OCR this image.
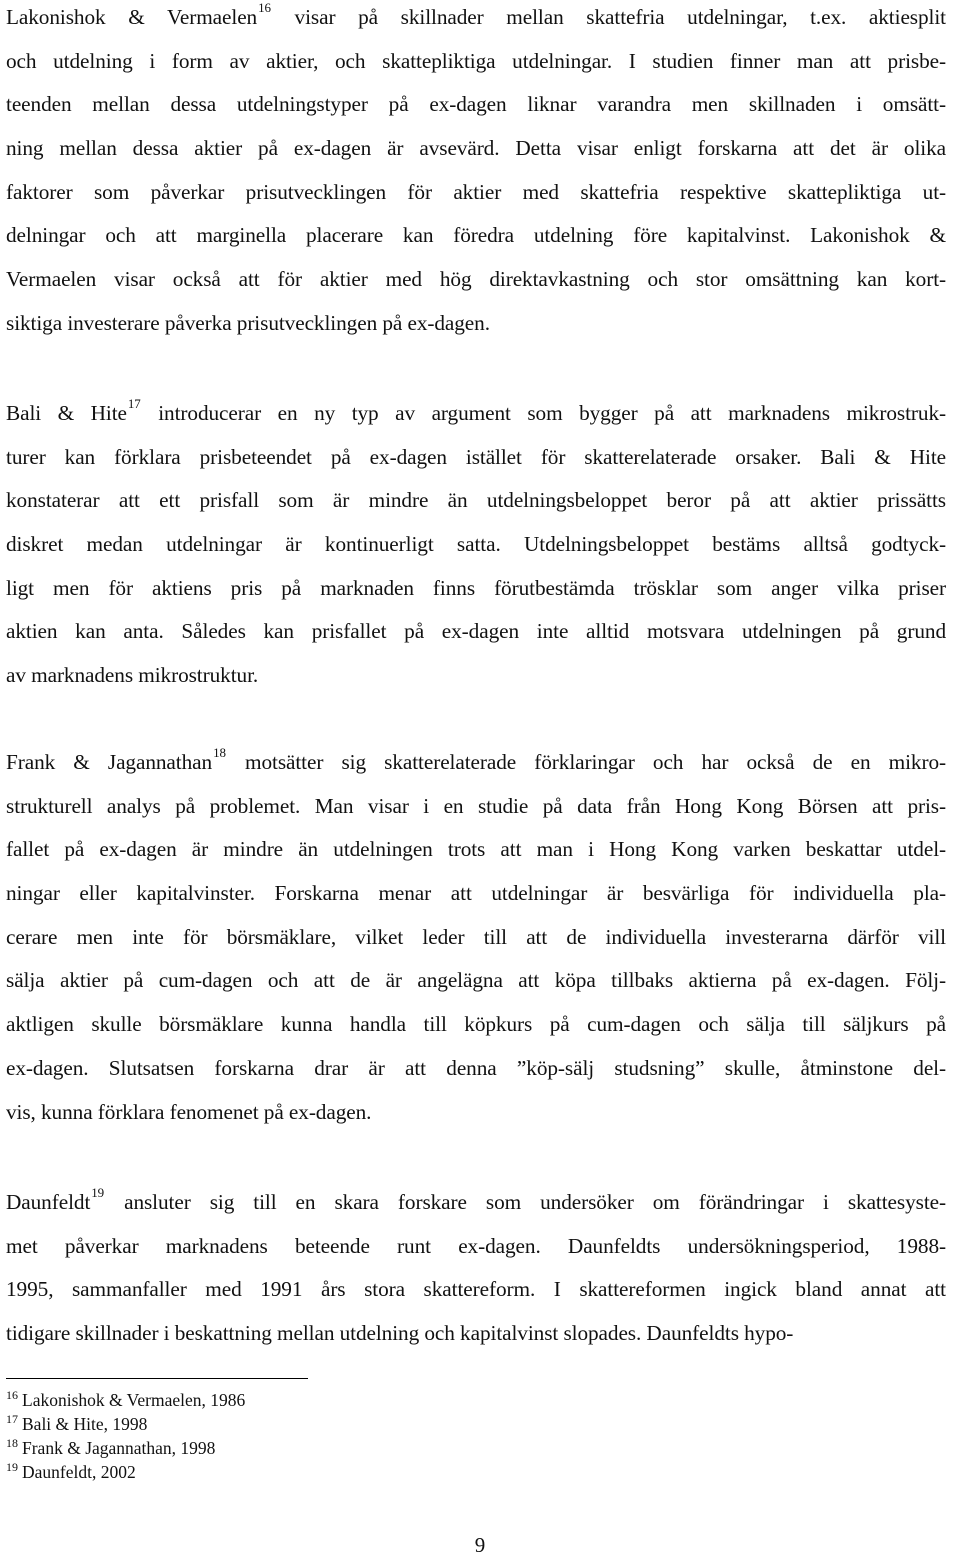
Lakonishok & Vermaelen$^{16}$ visar på skillnader mellan skattefria utdelningar, t.ex. aktiesplit
och utdelning i form av aktier, och skattepliktiga utdelningar. I studien finner man att prisbe-
teenden mellan dessa utdelningstyper på ex-dagen liknar varandra men skillnaden i omsätt-
ning mellan dessa aktier på ex-dagen är avsevärd. Detta visar enligt forskarna att det är olika
faktorer som påverkar prisutvecklingen för aktier med skattefria respektive skattepliktiga ut-
delningar och att marginella placerare kan föredra utdelning före kapitalvinst. Lakonishok &
Vermaelen visar också att för aktier med hög direktavkastning och stor omsättning kan kort-
siktiga investerare påverka prisutvecklingen på ex-dagen.
Bali & Hite$^{17}$ introducerar en ny typ av argument som bygger på att marknadens mikrostruk-
turer kan förklara prisbeteendet på ex-dagen istället för skatterelaterade orsaker. Bali & Hite
konstaterar att ett prisfall som är mindre än utdelningsbeloppet beror på att aktier prissätts
diskret medan utdelningar är kontinuerligt satta. Utdelningsbeloppet bestäms alltså godtyck-
ligt men för aktiens pris på marknaden finns förutbestämda trösklar som anger vilka priser
aktien kan anta. Således kan prisfallet på ex-dagen inte alltid motsvara utdelningen på grund
av marknadens mikrostruktur.
Frank & Jagannathan$^{18}$ motsätter sig skatterelaterade förklaringar och har också de en mikro-
strukturell analys på problemet. Man visar i en studie på data från Hong Kong Börsen att pris-
fallet på ex-dagen är mindre än utdelningen trots att man i Hong Kong varken beskattar utdel-
ningar eller kapitalvinster. Forskarna menar att utdelningar är besvärliga för individuella pla-
cerare men inte för börsmäklare, vilket leder till att de individuella investerarna därför vill
sälja aktier på cum-dagen och att de är angelägna att köpa tillbaks aktierna på ex-dagen. Följ-
aktligen skulle börsmäklare kunna handla till köpkurs på cum-dagen och sälja till säljkurs på
ex-dagen. Slutsatsen forskarna drar är att denna ”köp-sälj studsning” skulle, åtminstone del-
vis, kunna förklara fenomenet på ex-dagen.
Daunfeldt$^{19}$ ansluter sig till en skara forskare som undersöker om förändringar i skattesyste-
met påverkar marknadens beteende runt ex-dagen. Daunfeldts undersökningsperiod, 1988-
1995, sammanfaller med 1991 års stora skattereform. I skattereformen ingick bland annat att
tidigare skillnader i beskattning mellan utdelning och kapitalvinst slopades. Daunfeldts hypo-
$^{16}$ Lakonishok & Vermaelen, 1986
$^{17}$ Bali & Hite, 1998
$^{18}$ Frank & Jagannathan, 1998
$^{19}$ Daunfeldt, 2002
9
